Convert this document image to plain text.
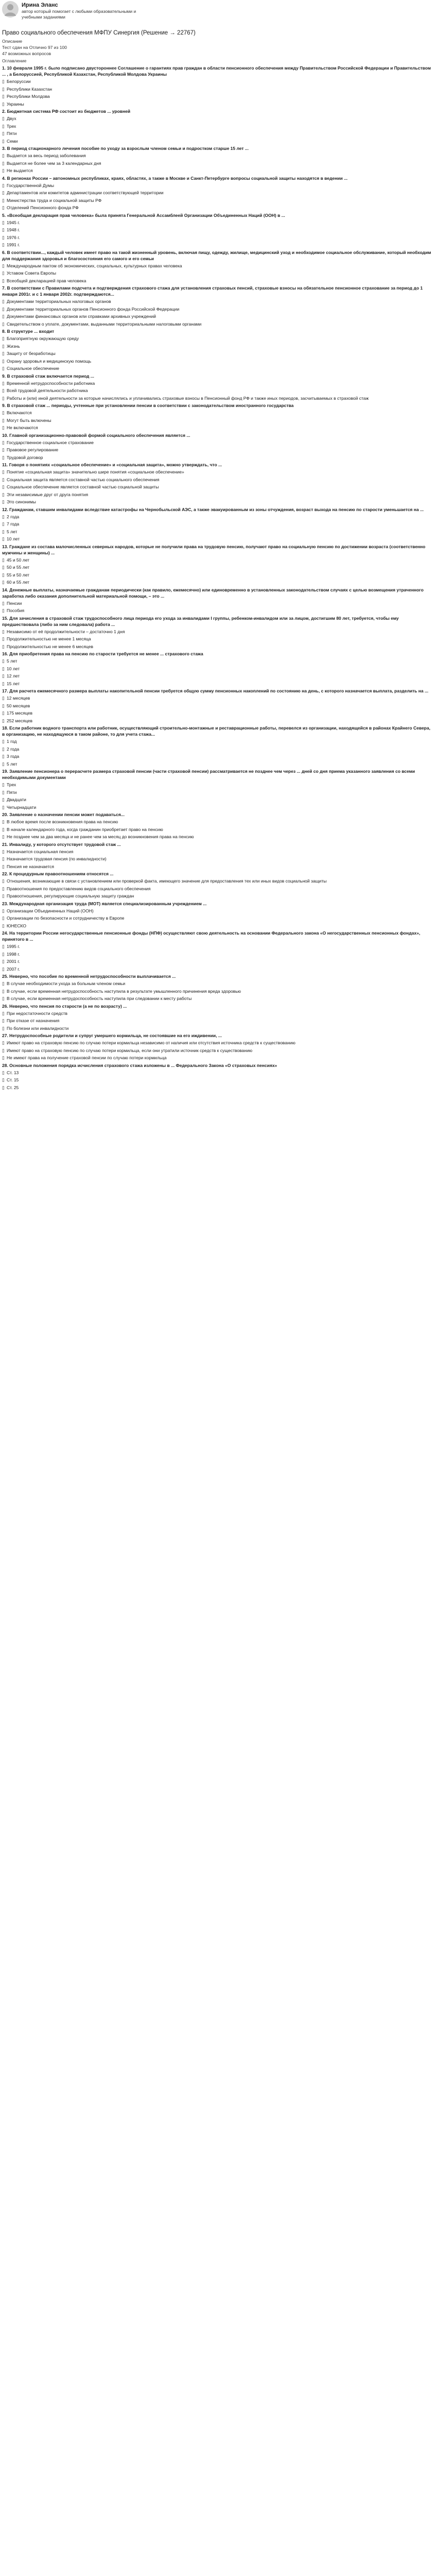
Ирина Эланс
автор который помогает с любыми образовательными и учебными заданиями
Право социального обеспечения МФПУ Синергия (Решение → 22767)
Описание
Тест сдан на Отлично 97 из 100
47 возможных вопросов
Оглавление
1. 10 февраля 1995 г. было подписано двустороннее Соглашение о гарантиях прав граждан в области пенсионного обеспечения между Правительством Российской Федерации и Правительством ... , а Белоруссией, Республикой Казахстан, Республикой Молдова Украины
▯ Белоруссии
▯ Республики Казахстан
▯ Республики Молдова
▯ Украины
2. Бюджетная система РФ состоит из бюджетов ... уровней
▯ Двух
▯ Трех
▯ Пяти
▯ Семи
3. В период стационарного лечения пособие по уходу за взрослым членом семьи и подростком старше 15 лет ...
▯ Выдается за весь период заболевания
▯ Выдается не более чем за 3 календарных дня
▯ Не выдается
4. В регионах России – автономных республиках, краях, областях, а также в Москве и Санкт-Петербурге вопросы социальной защиты находятся в ведении ...
▯ Государственной Думы
▯ Департаментов или комитетов администрации соответствующей территории
▯ Министерства труда и социальной защиты РФ
▯ Отделений Пенсионного фонда РФ
5. «Всеобщая декларация прав человека» была принята Генеральной Ассамблеей Организации Объединенных Наций (ООН) в ...
▯ 1945 г.
▯ 1948 г.
▯ 1976 г.
▯ 1991 г.
6. В соответствии..., каждый человек имеет право на такой жизненный уровень, включая пищу, одежду, жилище, медицинский уход и необходимое социальное обслуживание, который необходим для поддержания здоровья и благосостояния его самого и его семьи
▯ Международным пактом об экономических, социальных, культурных правах человека
▯ Уставом Совета Европы
▯ Всеобщей декларацией прав человека
7. В соответствии с Правилами подсчета и подтверждения страхового стажа для установления страховых пенсий, страховые взносы на обязательное пенсионное страхование за период до 1 января 2001г. и с 1 января 2002г. подтверждаются...
▯ Документами территориальных налоговых органов
▯ Документами территориальных органов Пенсионного фонда Российской Федерации
▯ Документами финансовых органов или справками архивных учреждений
▯ Свидетельством о уплате, документами, выданными территориальными налоговыми органами
8. В структуре ... входит
▯ Благоприятную окружающую среду
▯ Жизнь
▯ Защиту от безработицы
▯ Охрану здоровья и медицинскую помощь
▯ Социальное обеспечение
9. В страховой стаж включается период ...
▯ Временной нетрудоспособности работника
▯ Всей трудовой деятельности работника
▯ Работы и (или) иной деятельности за которые начислялись и уплачивались страховые взносы в Пенсионный фонд РФ и также иных периодов, засчитываемых в страховой стаж
9. В страховой стаж ... периоды, учтенные при установлении пенсии в соответствии с законодательством иностранного государства
▯ Включаются
▯ Могут быть включены
▯ Не включаются
10. Главной организационно-правовой формой социального обеспечения является ...
▯ Государственное социальное страхование
▯ Правовое регулирование
▯ Трудовой договор
11. Говоря о понятиях «социальное обеспечение» и «социальная защита», можно утверждать, что ...
▯ Понятие «социальная защита» значительно шире понятия «социальное обеспечение»
▯ Социальная защита является составной частью социального обеспечения
▯ Социальное обеспечение является составной частью социальной защиты
▯ Эти независимые друг от друга понятия
▯ Это синонимы
12. Гражданам, ставшим инвалидами вследствие катастрофы на Чернобыльской АЭС, а также эвакуированным из зоны отчуждения, возраст выхода на пенсию по старости уменьшается на ...
▯ 2 года
▯ 7 года
▯ 5 лет
▯ 10 лет
13. Граждане из состава малочисленных северных народов, которые не получили права на трудовую пенсию, получают право на социальную пенсию по достижении возраста (соответственно мужчины и женщины) ...
▯ 45 и 50 лет
▯ 50 и 55 лет
▯ 55 и 50 лет
▯ 60 и 55 лет
14. Денежные выплаты, назначаемые гражданам периодически (как правило, ежемесячно) или единовременно в установленных законодательством случаях с целью возмещения утраченного заработка либо оказания дополнительной материальной помощи, – это ...
▯ Пенсии
▯ Пособия
15. Для зачисления в страховой стаж трудоспособного лица периода его ухода за инвалидами I группы, ребенком-инвалидом или за лицом, достигшим 80 лет, требуется, чтобы ему предшествовала (либо за ним следовала) работа ...
▯ Независимо от её продолжительности – достаточно 1 дня
▯ Продолжительностью не менее 1 месяца
▯ Продолжительностью не менее 6 месяцев
16. Для приобретения права на пенсию по старости требуется не менее ... страхового стажа
▯ 5 лет
▯ 10 лет
▯ 12 лет
▯ 15 лет
17. Для расчета ежемесячного размера выплаты накопительной пенсии требуется общую сумму пенсионных накоплений по состоянию на день, с которого назначается выплата, разделить на ...
▯ 12 месяцев
▯ 50 месяцев
▯ 175 месяцев
▯ 252 месяцев
18. Если работник водного транспорта или работник, осуществляющий строительно-монтажные и реставрационные работы, перевелся из организации, находящейся в районах Крайнего Севера, в организацию, не находящуюся в таком районе, то для учета стажа...
▯ 1 год
▯ 2 года
▯ 3 года
▯ 5 лет
19. Заявление пенсионера о перерасчете размера страховой пенсии (части страховой пенсии) рассматривается не позднее чем через ... дней со дня приема указанного заявления со всеми необходимыми документами
▯ Трех
▯ Пяти
▯ Двадцати
▯ Четырнадцати
20. Заявление о назначении пенсии может подаваться...
▯ В любое время после возникновения права на пенсию
▯ В начале календарного года, когда гражданин приобретает право на пенсию
▯ Не позднее чем за два месяца и не ранее чем за месяц до возникновения права на пенсию
21. Инвалиду, у которого отсутствует трудовой стаж ...
▯ Назначается социальная пенсия
▯ Назначается трудовая пенсия (по инвалидности)
▯ Пенсия не назначается
22. К процедурным правоотношениям относятся ...
▯ Отношения, возникающие в связи с установлением или проверкой факта, имеющего значение для предоставления тех или иных видов социальной защиты
▯ Правоотношения по предоставлению видов социального обеспечения
▯ Правоотношения, регулирующие социальную защиту граждан
23. Международная организация труда (МОТ) является специализированным учреждением ...
▯ Организации Объединенных Наций (ООН)
▯ Организации по безопасности и сотрудничеству в Европе
▯ ЮНЕСКО
24. На территории России негосударственные пенсионные фонды (НПФ) осуществляют свою деятельность на основании Федерального закона «О негосударственных пенсионных фондах», принятого в ...
▯ 1995 г.
▯ 1998 г.
▯ 2001 г.
▯ 2007 г.
25. Невернo, что пособие по временной нетрудоспособности выплачивается ...
▯ В случае необходимости ухода за больным членом семьи
▯ В случае, если временная нетрудоспособность наступила в результате умышленного причинения вреда здоровью
▯ В случае, если временная нетрудоспособность наступила при следовании к месту работы
26. Невернo, что пенсия по старости (а не по возрасту) ...
▯ При недостаточности средств
▯ При отказе от назначения
▯ По болезни или инвалидности
27. Нетрудоспособные родители и супруг умершего кормильца, не состоявшие на его иждивении, ...
▯ Имеют право на страховую пенсию по случаю потери кормильца независимо от наличия или отсутствия источника средств к существованию
▯ Имеют право на страховую пенсию по случаю потери кормильца, если они утратили источник средств к существованию
▯ Не имеют права на получение страховой пенсии по случаю потери кормильца
28. Основные положения порядка исчисления страхового стажа изложены в ... Федерального Закона «О страховых пенсиях»
▯ Ст. 13
▯ Ст. 15
▯ Ст. 25
